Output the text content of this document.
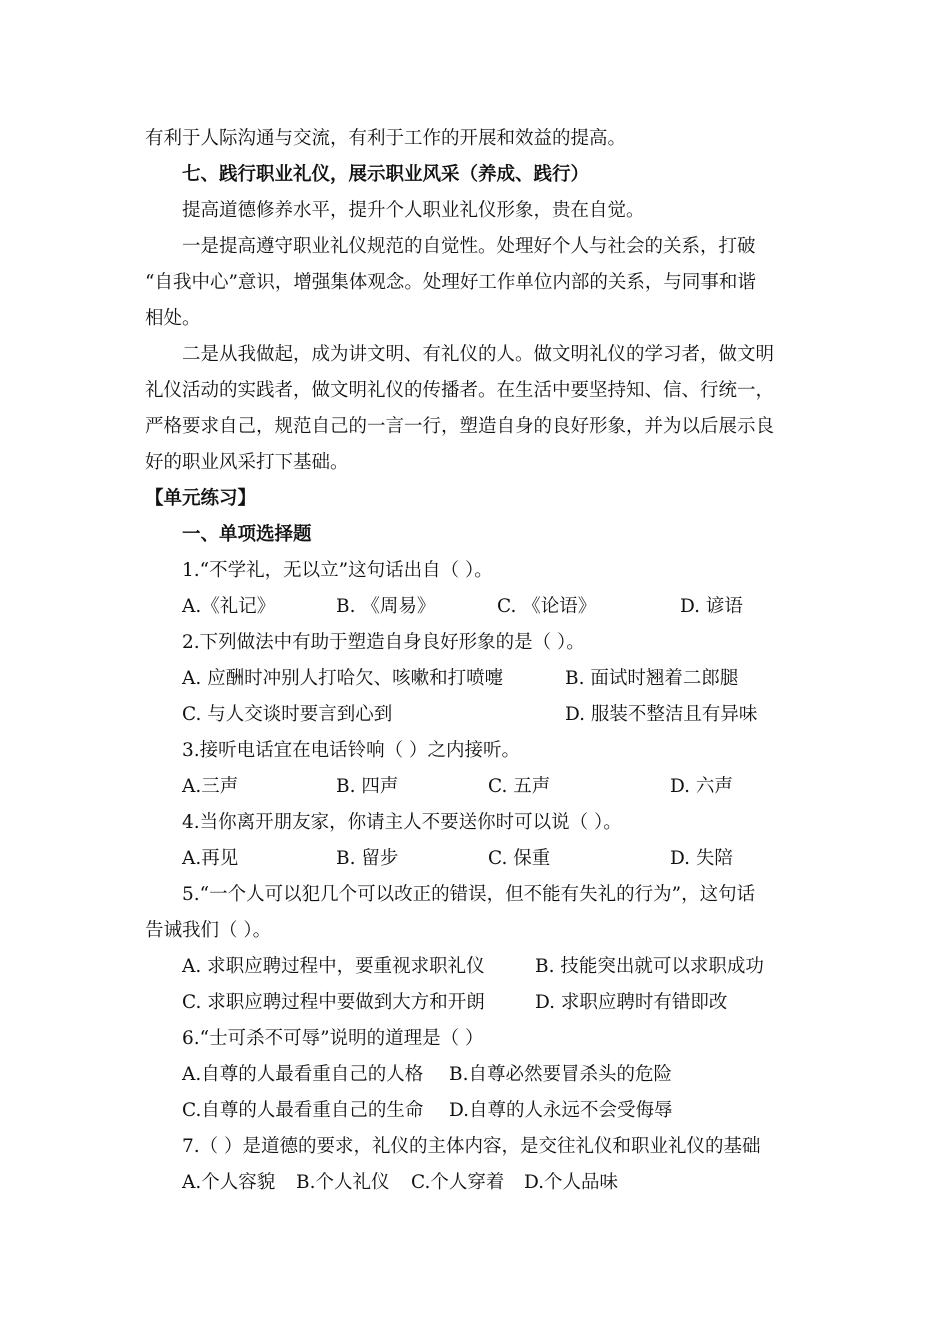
有利于人际沟通与交流，有利于工作的开展和效益的提高。
七、践行职业礼仪，展示职业风采（养成、践行）
提高道德修养水平，提升个人职业礼仪形象，贵在自觉。
一是提高遵守职业礼仪规范的自觉性。处理好个人与社会的关系，打破
“自我中心”意识，增强集体观念。处理好工作单位内部的关系，与同事和谐
相处。
二是从我做起，成为讲文明、有礼仪的人。做文明礼仪的学习者，做文明
礼仪活动的实践者，做文明礼仪的传播者。在生活中要坚持知、信、行统一，
严格要求自己，规范自己的一言一行，塑造自身的良好形象，并为以后展示良
好的职业风采打下基础。
【单元练习】
一、单项选择题
1.“不学礼，无以立”这句话出自（ ）。
A.《礼记》	B. 《周易》	C. 《论语》	D. 谚语
2.下列做法中有助于塑造自身良好形象的是（ ）。
A. 应酬时冲别人打哈欠、咳嗽和打喷嚏	B. 面试时翘着二郎腿
C. 与人交谈时要言到心到	D. 服装不整洁且有异味
3.接听电话宜在电话铃响（ ）之内接听。
A.三声	B. 四声	C. 五声	D. 六声
4.当你离开朋友家，你请主人不要送你时可以说（ ）。
A.再见	B. 留步	C. 保重	D. 失陪
5.“一个人可以犯几个可以改正的错误，但不能有失礼的行为”，这句话
告诫我们（ ）。
A. 求职应聘过程中，要重视求职礼仪	B. 技能突出就可以求职成功
C. 求职应聘过程中要做到大方和开朗	D. 求职应聘时有错即改
6.“士可杀不可辱”说明的道理是（ ）
A.自尊的人最看重自己的人格 B.自尊必然要冒杀头的危险
C.自尊的人最看重自己的生命 D.自尊的人永远不会受侮辱
7.（ ）是道德的要求，礼仪的主体内容，是交往礼仪和职业礼仪的基础
A.个人容貌 B.个人礼仪 C.个人穿着 D.个人品味
